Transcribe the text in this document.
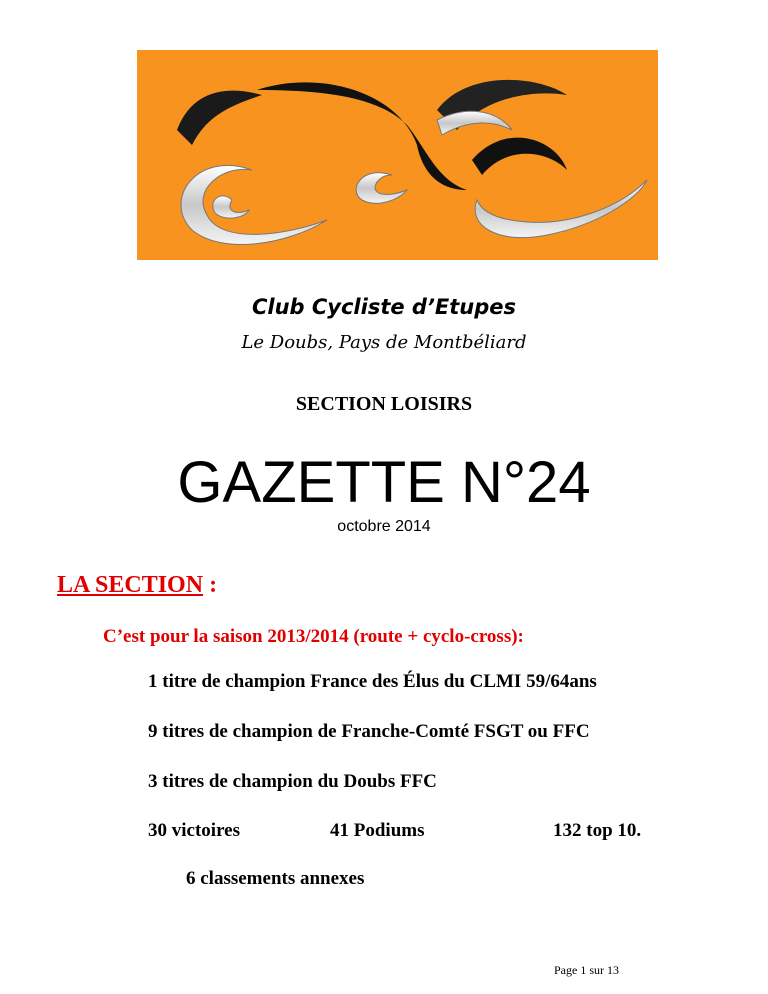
Club Cycliste d’Etupes
Le Doubs, Pays de Montbéliard
SECTION LOISIRS
GAZETTE N°24
octobre 2014
LA SECTION :
C’est pour la saison 2013/2014 (route + cyclo-cross):
1 titre de champion France des Élus du CLMI 59/64ans
9 titres de champion de Franche-Comté FSGT ou FFC
3 titres de champion du Doubs FFC
30 victoires	41 Podiums	132 top 10.
6 classements annexes
Page 1 sur 13
